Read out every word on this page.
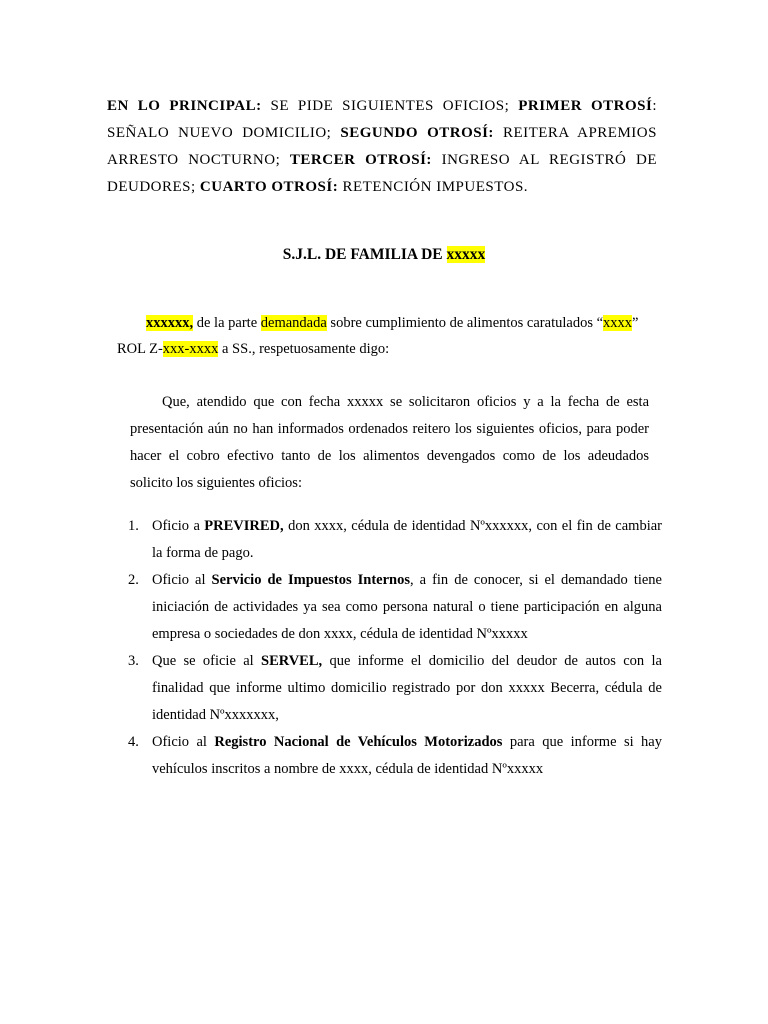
EN LO PRINCIPAL: SE PIDE SIGUIENTES OFICIOS; PRIMER OTROSÍ: SEÑALO NUEVO DOMICILIO; SEGUNDO OTROSÍ: REITERA APREMIOS ARRESTO NOCTURNO; TERCER OTROSÍ: INGRESO AL REGISTRÓ DE DEUDORES; CUARTO OTROSÍ: RETENCIÓN IMPUESTOS.

S.J.L. DE FAMILIA DE xxxxx

xxxxxx, de la parte demandada sobre cumplimiento de alimentos caratulados “xxxx” ROL Z-xxx-xxxx a SS., respetuosamente digo:

Que, atendido que con fecha xxxxx se solicitaron oficios y a la fecha de esta presentación aún no han informados ordenados reitero los siguientes oficios, para poder hacer el cobro efectivo tanto de los alimentos devengados como de los adeudados solicito los siguientes oficios:

1. Oficio a PREVIRED, don xxxx, cédula de identidad Nºxxxxxx, con el fin de cambiar la forma de pago.
2. Oficio al Servicio de Impuestos Internos, a fin de conocer, si el demandado tiene iniciación de actividades ya sea como persona natural o tiene participación en alguna empresa o sociedades de don xxxx, cédula de identidad Nºxxxxx
3. Que se oficie al SERVEL, que informe el domicilio del deudor de autos con la finalidad que informe ultimo domicilio registrado por don xxxxx Becerra, cédula de identidad Nºxxxxxxx,
4. Oficio al Registro Nacional de Vehículos Motorizados para que informe si hay vehículos inscritos a nombre de xxxx, cédula de identidad Nºxxxxx
